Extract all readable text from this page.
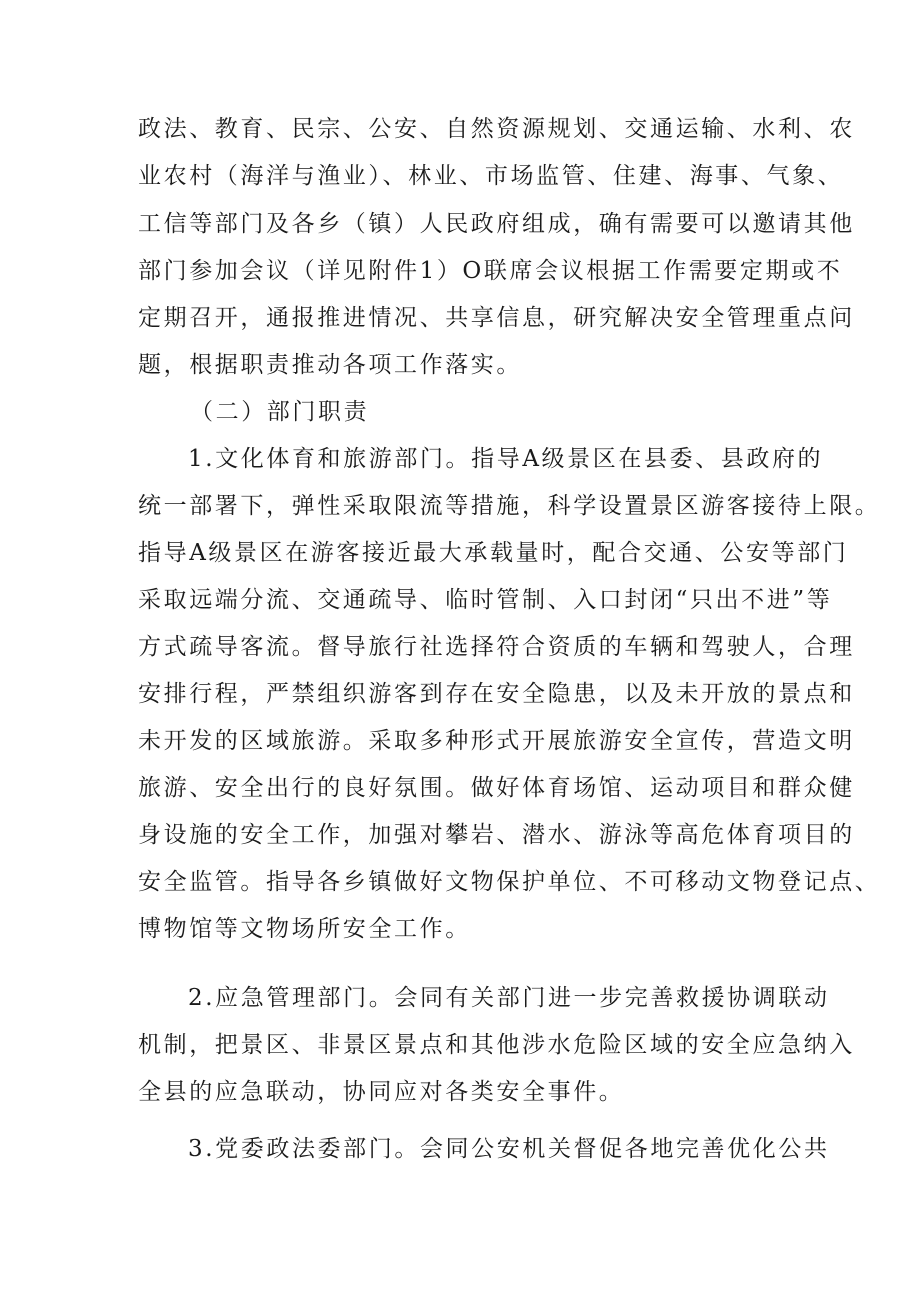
政法、教育、民宗、公安、自然资源规划、交通运输、水利、农
业农村（海洋与渔业）、林业、市场监管、住建、海事、气象、
工信等部门及各乡（镇）人民政府组成，确有需要可以邀请其他
部门参加会议（详见附件1）O联席会议根据工作需要定期或不
定期召开，通报推进情况、共享信息，研究解决安全管理重点问
题，根据职责推动各项工作落实。
（二）部门职责
1.文化体育和旅游部门。指导A级景区在县委、县政府的
统一部署下，弹性采取限流等措施，科学设置景区游客接待上限。
指导A级景区在游客接近最大承载量时，配合交通、公安等部门
采取远端分流、交通疏导、临时管制、入口封闭“只出不进”等
方式疏导客流。督导旅行社选择符合资质的车辆和驾驶人，合理
安排行程，严禁组织游客到存在安全隐患，以及未开放的景点和
未开发的区域旅游。采取多种形式开展旅游安全宣传，营造文明
旅游、安全出行的良好氛围。做好体育场馆、运动项目和群众健
身设施的安全工作，加强对攀岩、潜水、游泳等高危体育项目的
安全监管。指导各乡镇做好文物保护单位、不可移动文物登记点、
博物馆等文物场所安全工作。
2.应急管理部门。会同有关部门进一步完善救援协调联动
机制，把景区、非景区景点和其他涉水危险区域的安全应急纳入
全县的应急联动，协同应对各类安全事件。
3.党委政法委部门。会同公安机关督促各地完善优化公共
